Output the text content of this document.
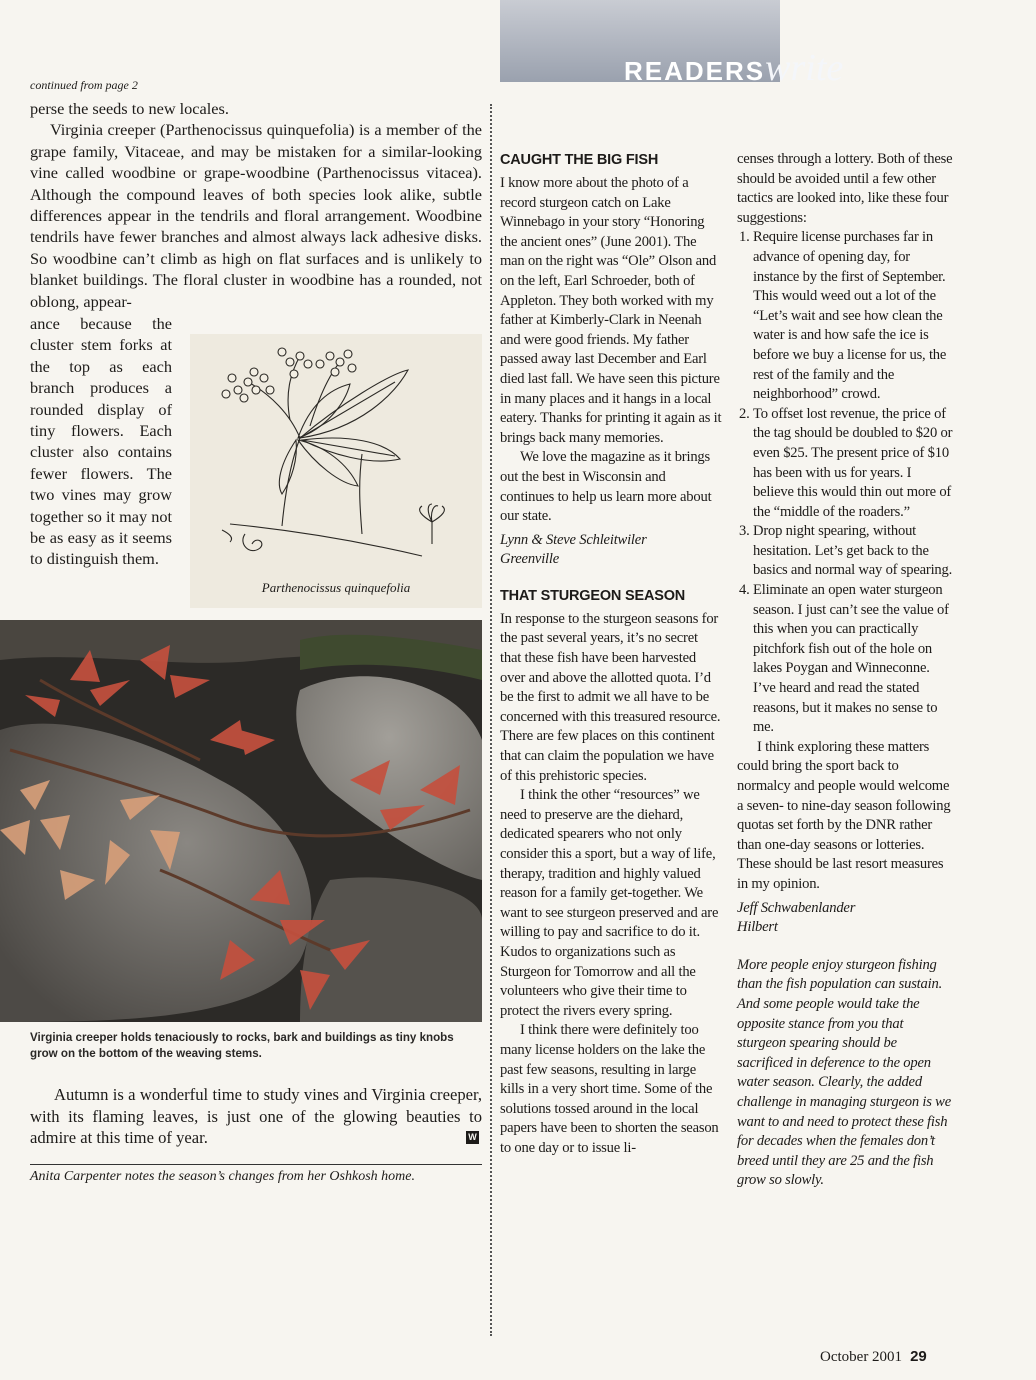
READERSwrite
continued from page 2

perse the seeds to new locales.

Virginia creeper (Parthenocissus quinquefolia) is a member of the grape family, Vitaceae, and may be mistaken for a similar-looking vine called woodbine or grape-woodbine (Parthenocissus vitacea). Although the compound leaves of both species look alike, subtle differences appear in the tendrils and floral arrangement. Woodbine tendrils have fewer branches and almost always lack adhesive disks. So woodbine can’t climb as high on flat surfaces and is unlikely to blanket buildings. The floral cluster in woodbine has a rounded, not oblong, appear-

ance because the cluster stem forks at the top as each branch produces a rounded display of tiny flowers. Each cluster also contains fewer flowers. The two vines may grow together so it may not be as easy as it seems to distinguish them.
Parthenocissus quinquefolia
Virginia creeper holds tenaciously to rocks, bark and buildings as tiny knobs grow on the bottom of the weaving stems.
Autumn is a wonderful time to study vines and Virginia creeper, with its flaming leaves, is just one of the glowing beauties to admire at this time of year.	W
Anita Carpenter notes the season’s changes from her Oshkosh home.

CAUGHT THE BIG FISH

I know more about the photo of a record sturgeon catch on Lake Winnebago in your story “Honoring the ancient ones” (June 2001). The man on the right was “Ole” Olson and on the left, Earl Schroeder, both of Appleton. They both worked with my father at Kimberly-Clark in Neenah and were good friends. My father passed away last December and Earl died last fall. We have seen this picture in many places and it hangs in a local eatery. Thanks for printing it again as it brings back many memories.

We love the magazine as it brings out the best in Wisconsin and continues to help us learn more about our state.

Lynn & Steve Schleitwiler

Greenville

THAT STURGEON SEASON

In response to the sturgeon seasons for the past several years, it’s no secret that these fish have been harvested over and above the allotted quota. I’d be the first to admit we all have to be concerned with this treasured resource. There are few places on this continent that can claim the population we have of this prehistoric species.

I think the other “resources” we need to preserve are the diehard, dedicated spearers who not only consider this a sport, but a way of life, therapy, tradition and highly valued reason for a family get-together. We want to see sturgeon preserved and are willing to pay and sacrifice to do it. Kudos to organizations such as Sturgeon for Tomorrow and all the volunteers who give their time to protect the rivers every spring.

I think there were definitely too many license holders on the lake the past few seasons, resulting in large kills in a very short time. Some of the solutions tossed around in the local papers have been to shorten the season to one day or to issue li-

censes through a lottery. Both of these should be avoided until a few other tactics are looked into, like these four suggestions:

1. Require license purchases far in advance of opening day, for instance by the first of September. This would weed out a lot of the “Let’s wait and see how clean the water is and how safe the ice is before we buy a license for us, the rest of the family and the neighborhood” crowd.
2. To offset lost revenue, the price of the tag should be doubled to $20 or even $25. The present price of $10 has been with us for years. I believe this would thin out more of the “middle of the roaders.”
3. Drop night spearing, without hesitation. Let’s get back to the basics and normal way of spearing.
4. Eliminate an open water sturgeon season. I just can’t see the value of this when you can practically pitchfork fish out of the hole on lakes Poygan and Winneconne. I’ve heard and read the stated reasons, but it makes no sense to me.

I think exploring these matters could bring the sport back to normalcy and people would welcome a seven- to nine-day season following quotas set forth by the DNR rather than one-day seasons or lotteries. These should be last resort measures in my opinion.

Jeff Schwabenlander

Hilbert

More people enjoy sturgeon fishing than the fish population can sustain. And some people would take the opposite stance from you that sturgeon spearing should be sacrificed in deference to the open water season. Clearly, the added challenge in managing sturgeon is we want to and need to protect these fish for decades when the females don’t breed until they are 25 and the fish grow so slowly.

October 2001 29
